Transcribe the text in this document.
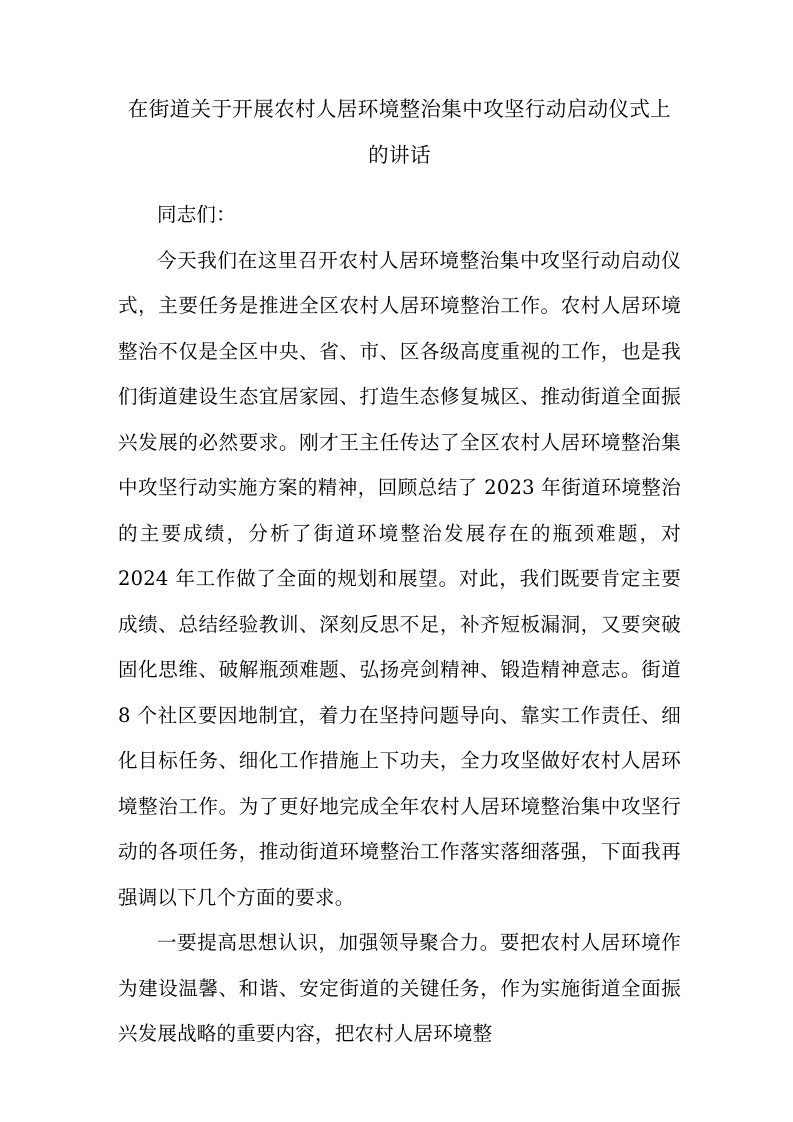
在街道关于开展农村人居环境整治集中攻坚行动启动仪式上的讲话

同志们：

今天我们在这里召开农村人居环境整治集中攻坚行动启动仪式，主要任务是推进全区农村人居环境整治工作。农村人居环境整治不仅是全区中央、省、市、区各级高度重视的工作，也是我们街道建设生态宜居家园、打造生态修复城区、推动街道全面振兴发展的必然要求。刚才王主任传达了全区农村人居环境整治集中攻坚行动实施方案的精神，回顾总结了 2023 年街道环境整治的主要成绩，分析了街道环境整治发展存在的瓶颈难题，对 2024 年工作做了全面的规划和展望。对此，我们既要肯定主要成绩、总结经验教训、深刻反思不足，补齐短板漏洞，又要突破固化思维、破解瓶颈难题、弘扬亮剑精神、锻造精神意志。街道 8 个社区要因地制宜，着力在坚持问题导向、靠实工作责任、细化目标任务、细化工作措施上下功夫，全力攻坚做好农村人居环境整治工作。为了更好地完成全年农村人居环境整治集中攻坚行动的各项任务，推动街道环境整治工作落实落细落强，下面我再强调以下几个方面的要求。

一要提高思想认识，加强领导聚合力。要把农村人居环境作为建设温馨、和谐、安定街道的关键任务，作为实施街道全面振兴发展战略的重要内容，把农村人居环境整
